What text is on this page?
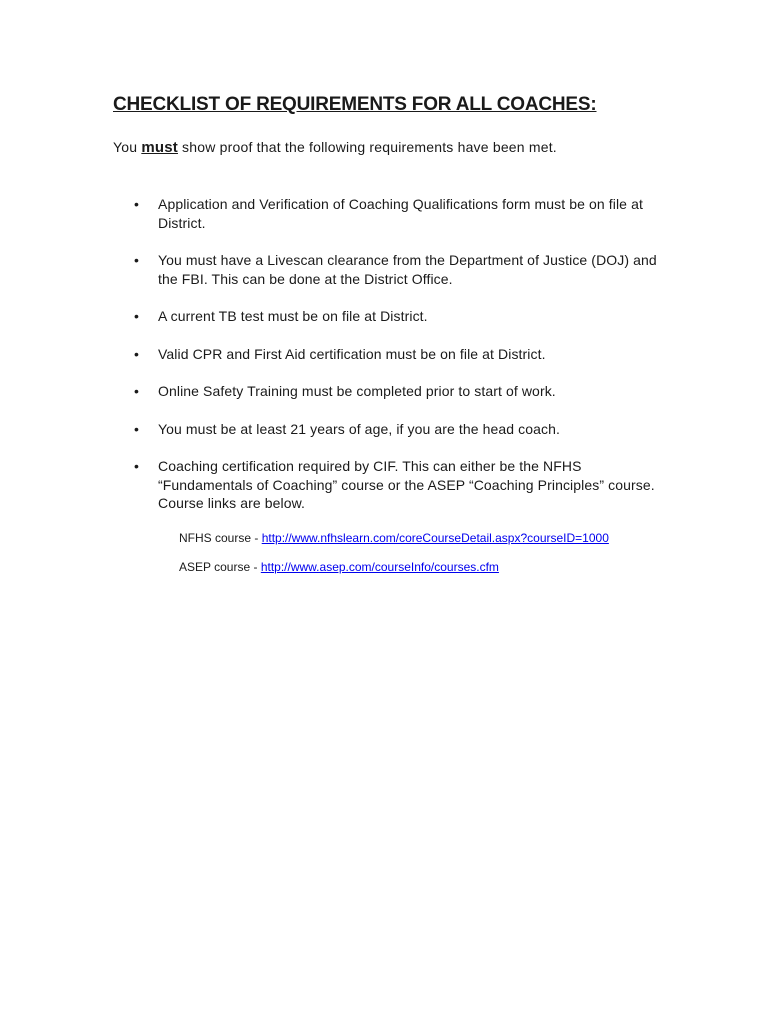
CHECKLIST OF REQUIREMENTS FOR ALL COACHES:

You must show proof that the following requirements have been met.

• Application and Verification of Coaching Qualifications form must be on file at District.
• You must have a Livescan clearance from the Department of Justice (DOJ) and the FBI. This can be done at the District Office.
• A current TB test must be on file at District.
• Valid CPR and First Aid certification must be on file at District.
• Online Safety Training must be completed prior to start of work.
• You must be at least 21 years of age, if you are the head coach.
• Coaching certification required by CIF. This can either be the NFHS “Fundamentals of Coaching” course or the ASEP “Coaching Principles” course. Course links are below.
NFHS course - http://www.nfhslearn.com/coreCourseDetail.aspx?courseID=1000
ASEP course - http://www.asep.com/courseInfo/courses.cfm
